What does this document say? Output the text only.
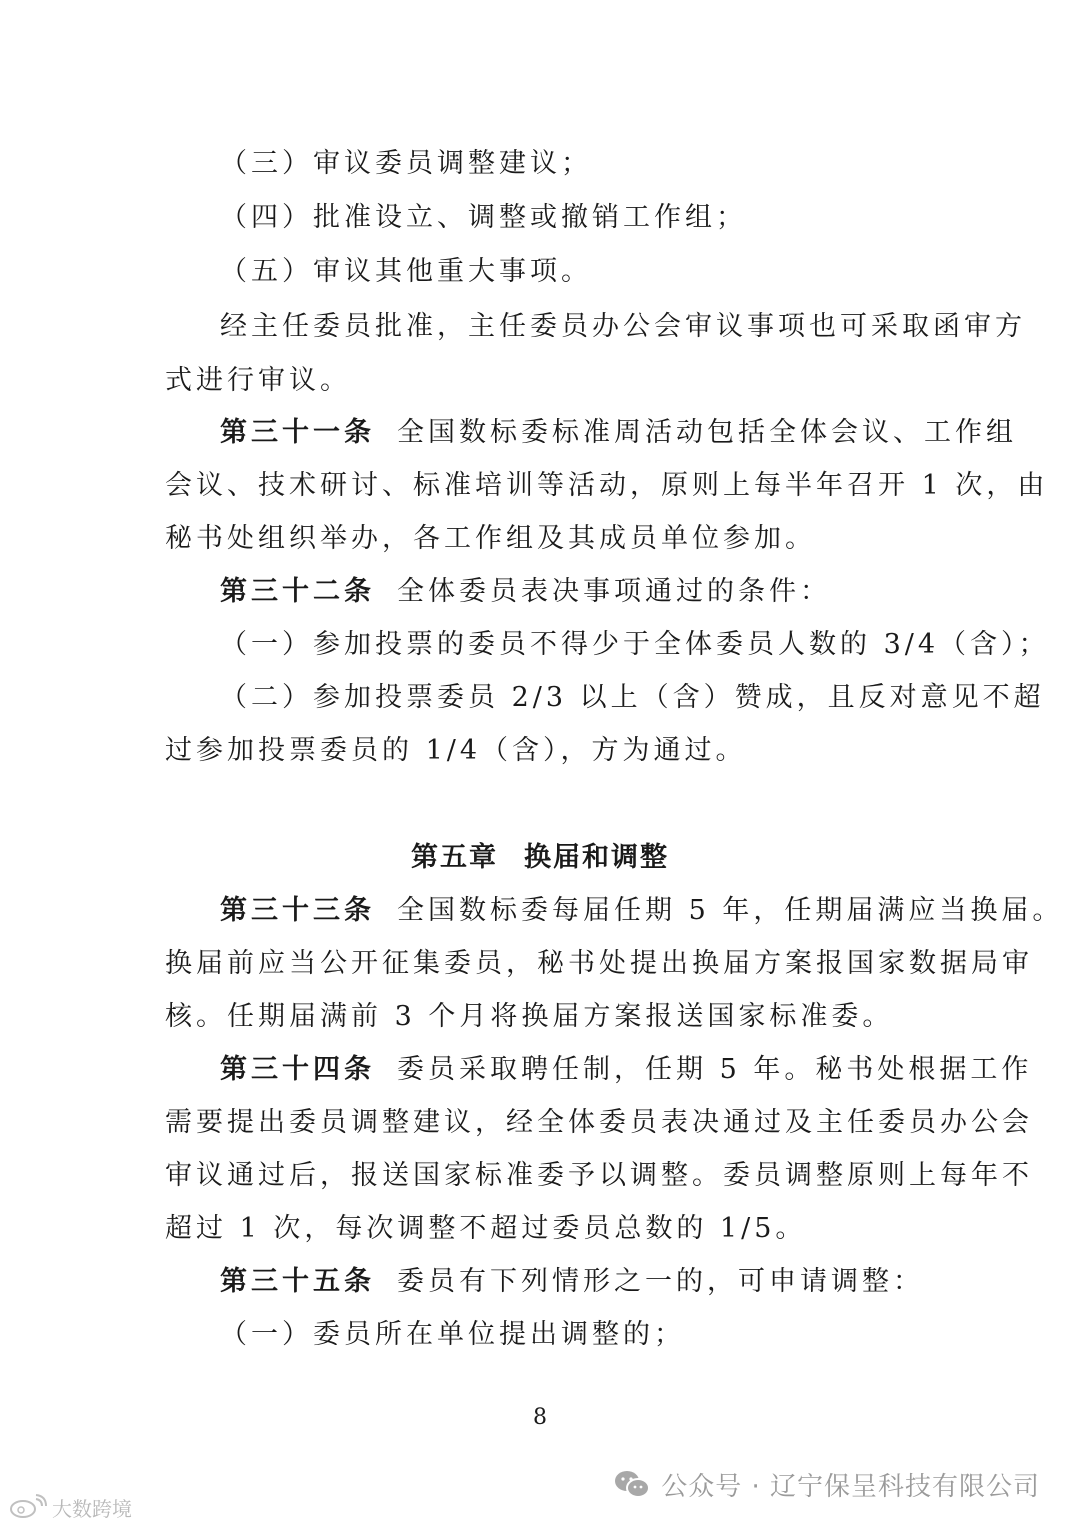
（三）审议委员调整建议；
（四）批准设立、调整或撤销工作组；
（五）审议其他重大事项。
经主任委员批准，主任委员办公会审议事项也可采取函审方
式进行审议。
第三十一条 全国数标委标准周活动包括全体会议、工作组
会议、技术研讨、标准培训等活动，原则上每半年召开 1 次，由
秘书处组织举办，各工作组及其成员单位参加。
第三十二条 全体委员表决事项通过的条件：
（一）参加投票的委员不得少于全体委员人数的 3/4（含）；
（二）参加投票委员 2/3 以上（含）赞成，且反对意见不超
过参加投票委员的 1/4（含），方为通过。
第五章 换届和调整
第三十三条 全国数标委每届任期 5 年，任期届满应当换届。
换届前应当公开征集委员，秘书处提出换届方案报国家数据局审
核。任期届满前 3 个月将换届方案报送国家标准委。
第三十四条 委员采取聘任制，任期 5 年。秘书处根据工作
需要提出委员调整建议，经全体委员表决通过及主任委员办公会
审议通过后，报送国家标准委予以调整。委员调整原则上每年不
超过 1 次，每次调整不超过委员总数的 1/5。
第三十五条 委员有下列情形之一的，可申请调整：
（一）委员所在单位提出调整的；
8
公众号 · 辽宁保呈科技有限公司
大数跨境
